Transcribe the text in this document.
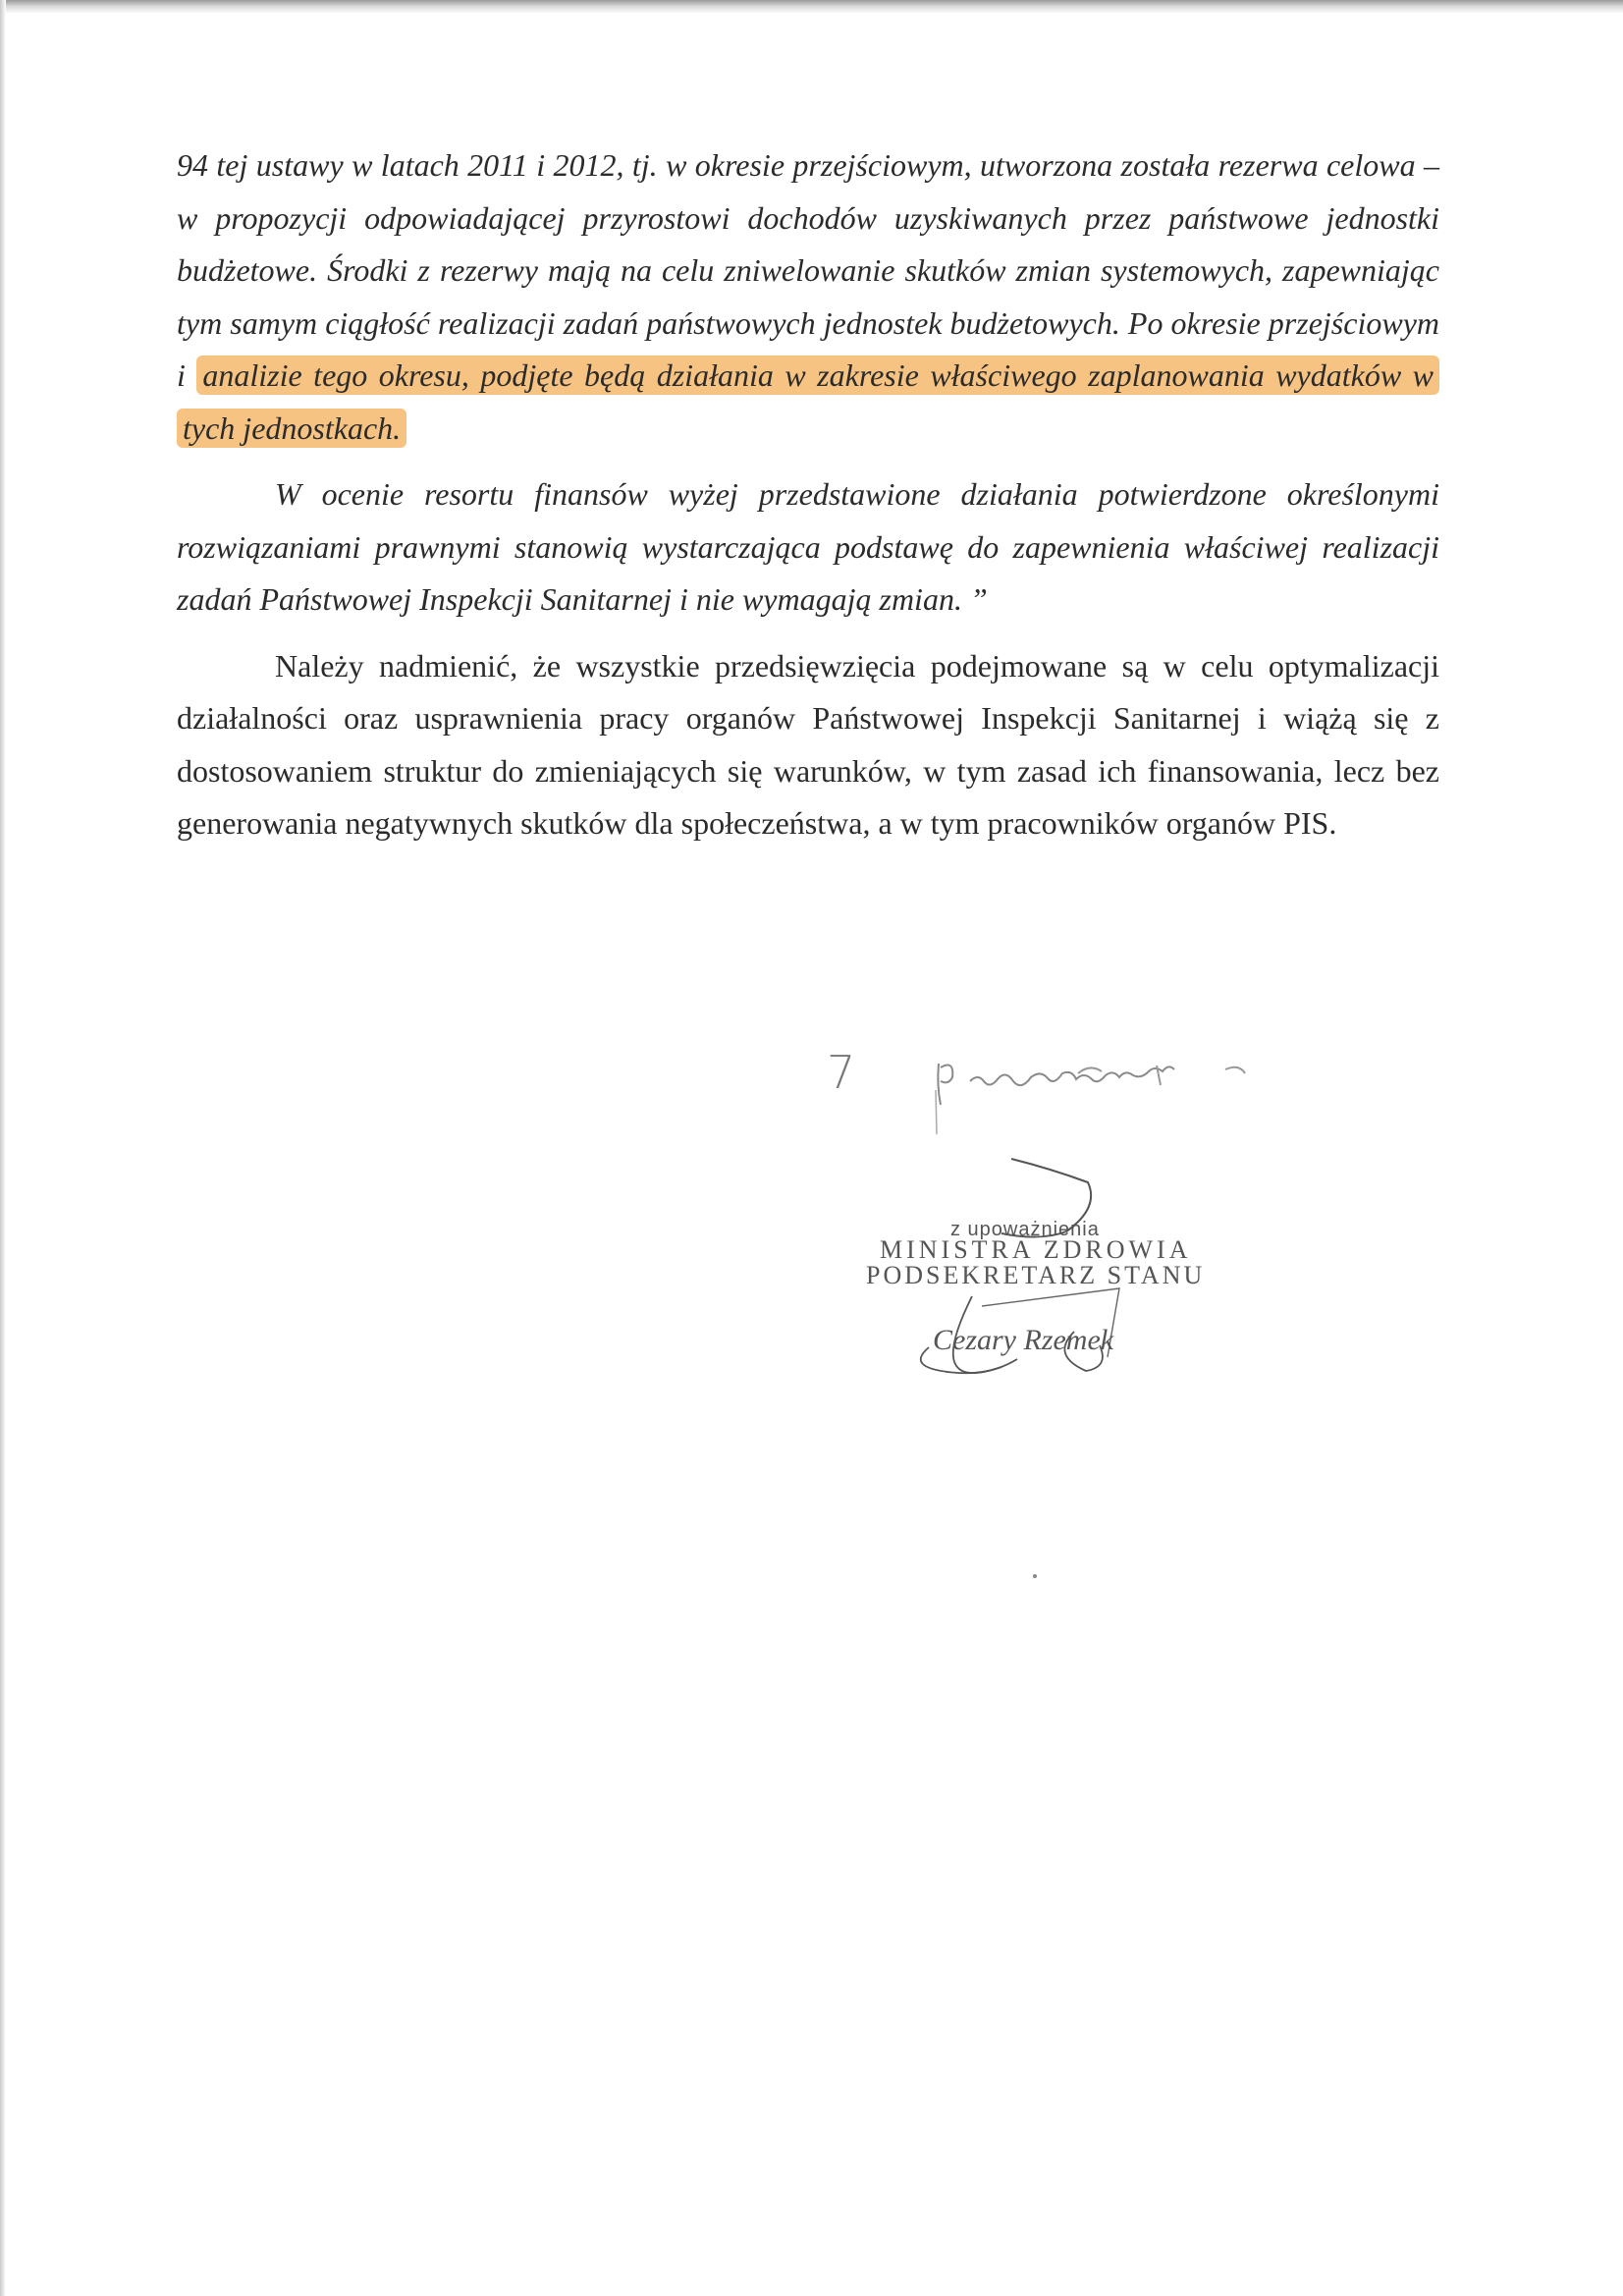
94 tej ustawy w latach 2011 i 2012, tj. w okresie przejściowym, utworzona została rezerwa celowa – w propozycji odpowiadającej przyrostowi dochodów uzyskiwanych przez państwowe jednostki budżetowe. Środki z rezerwy mają na celu zniwelowanie skutków zmian systemowych, zapewniając tym samym ciągłość realizacji zadań państwowych jednostek budżetowych. Po okresie przejściowym i analizie tego okresu, podjęte będą działania w zakresie właściwego zaplanowania wydatków w tych jednostkach.

W ocenie resortu finansów wyżej przedstawione działania potwierdzone określonymi rozwiązaniami prawnymi stanowią wystarczająca podstawę do zapewnienia właściwej realizacji zadań Państwowej Inspekcji Sanitarnej i nie wymagają zmian. ”

Należy nadmienić, że wszystkie przedsięwzięcia podejmowane są w celu optymalizacji działalności oraz usprawnienia pracy organów Państwowej Inspekcji Sanitarnej i wiążą się z dostosowaniem struktur do zmieniających się warunków, w tym zasad ich finansowania, lecz bez generowania negatywnych skutków dla społeczeństwa, a w tym pracowników organów PIS.

7
z upoważnienia
MINISTRA ZDROWIA
PODSEKRETARZ STANU
Cezary Rzemek
